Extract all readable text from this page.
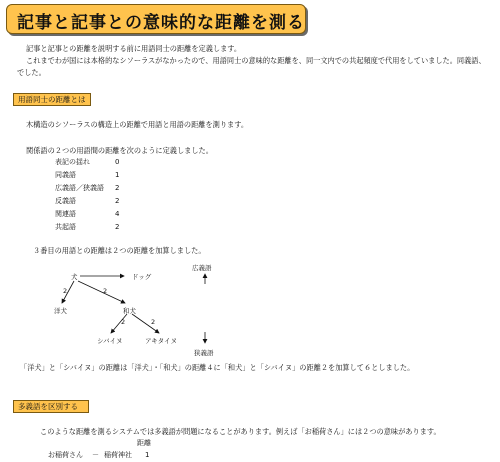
記事と記事との意味的な距離を測る
記事と記事との距離を説明する前に用語同士の距離を定義します。
これまでわが国には本格的なシソーラスがなかったので、用語同士の意味的な距離を、同一文内での共起頻度で代用をしていました。同義語、
でした。
用語同士の距離とは
木構造のシソーラスの構造上の距離で用語と用語の距離を測ります。
関係語の２つの用語間の距離を次のように定義しました。
表記の揺れ	0
同義語	1
広義語／狭義語 2
反義語	2
関連語	4
共起語	2
３番目の用語との距離は２つの距離を加算しました。
広義語
犬	ドッグ
2	2
洋犬	和犬
2	2
シバイヌ	アキタイヌ
狭義語
「洋犬」と「シバイヌ」の距離は「洋犬」・「和犬」の距離４に「和犬」と「シバイヌ」の距離２を加算して６としました。
多義語を区別する
このような距離を測るシステムでは多義語が問題になることがあります。例えば「お稲荷さん」には２つの意味があります。
距離
お稲荷さん － 稲荷神社 1
